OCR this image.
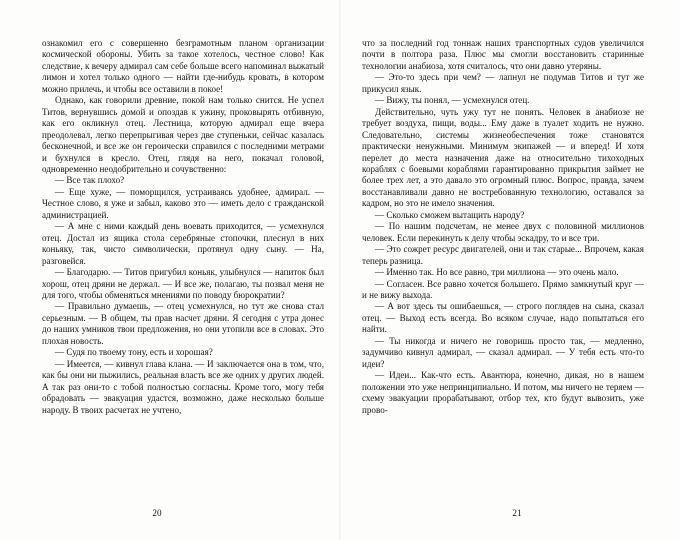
ознакомил его с совершенно безграмотным планом организации космической обороны. Убить за такое хотелось, честное слово! Как следствие, к вечеру адмирал сам себе больше всего напоминал выжатый лимон и хотел только одного — найти где-нибудь кровать, в котором можно прилечь, и чтобы все оставили в покое!

Однако, как говорили древние, покой нам только снится. Не успел Титов, вернувшись домой и опоздав к ужину, проковырять отбивную, как его окликнул отец. Лестница, которую адмирал еще вчера преодолевал, легко перепрыгивая через две ступеньки, сейчас казалась бесконечной, и все же он героически справился с последними метрами и бухнулся в кресло. Отец, глядя на него, покачал головой, одновременно неодобрительно и сочувственно:

— Все так плохо?

— Еще хуже, — поморщился, устраиваясь удобнее, адмирал. — Честное слово, я уже и забыл, каково это — иметь дело с гражданской администрацией.

— А мне с ними каждый день воевать приходится, — усмехнулся отец. Достал из ящика стола серебряные стопочки, плеснул в них коньяку, так, чисто символически, протянул одну сыну. — На, разговейся.

— Благодарю. — Титов пригубил коньяк, улыбнулся — напиток был хорош, отец дряни не держал. — И все же, полагаю, ты позвал меня не для того, чтобы обменяться мнениями по поводу бюрократии?

— Правильно думаешь, — отец усмехнулся, но тут же снова стал серьезным. — В общем, ты прав насчет дряни. Я сегодня с утра донес до наших умников твои предложения, но они утопили все в словах. Это плохая новость.

— Судя по твоему тону, есть и хорошая?

— Имеется, — кивнул глава клана. — И заключается она в том, что, как бы они ни пыжились, реальная власть все же одних у других людей. А так раз они-то с тобой полностью согласны. Кроме того, могу тебя обрадовать — эвакуация удастся, возможно, даже несколько больше народу. В твоих расчетах не учтено,

что за последний год тоннаж наших транспортных судов увеличился почти в полтора раза. Плюс мы смогли восстановить старинные технологии анабиоза, хотя считалось, что они давно утеряны.

— Это-то здесь при чем? — лапнул не подумав Титов и тут же прикусил язык.

— Вижу, ты понял, — усмехнулся отец.

Действительно, чуть ужу тут не понять. Человек в анабиозе не требует воздуха, пищи, воды... Ему даже в туалет ходить не нужно. Следовательно, системы жизнеобеспечения тоже становятся практически ненужными. Минимум экипажей — и вперед! И хотя перелет до места назначения даже на относительно тихоходных кораблях с боевыми кораблями гарантированно прикрытия займет не более трех лет, а это давало это огромный плюс. Вопрос, правда, зачем восстанавливали давно не востребованную технологию, оставался за кадром, но это не имело значения.

— Сколько сможем вытащить народу?

— По нашим подсчетам, не менее двух с половиной миллионов человек. Если перекинуть к делу чтобы эскадру, то и все три.

— Это сожрет ресурс двигателей, они и так старые... Впрочем, какая теперь разница.

— Именно так. Но все равно, три миллиона — это очень мало.

— Согласен. Все равно хочется большего. Прямо замкнутый круг — и не вижу выхода.

— А вот здесь ты ошибаешься, — строго поглядев на сына, сказал отец. — Выход есть всегда. Во всяком случае, надо попытаться его найти.

— Ты никогда и ничего не говоришь просто так, — медленно, задумчиво кивнул адмирал, — сказал адмирал. — У тебя есть что-то идеи?

— Идеи... Как-что есть. Авантюра, конечно, дикая, но в нашем положении это уже непринципиально. И потом, мы ничего не теряем — схему эвакуации прорабатывают, отбор тех, кто будут вывозить, уже прово-

20	21
